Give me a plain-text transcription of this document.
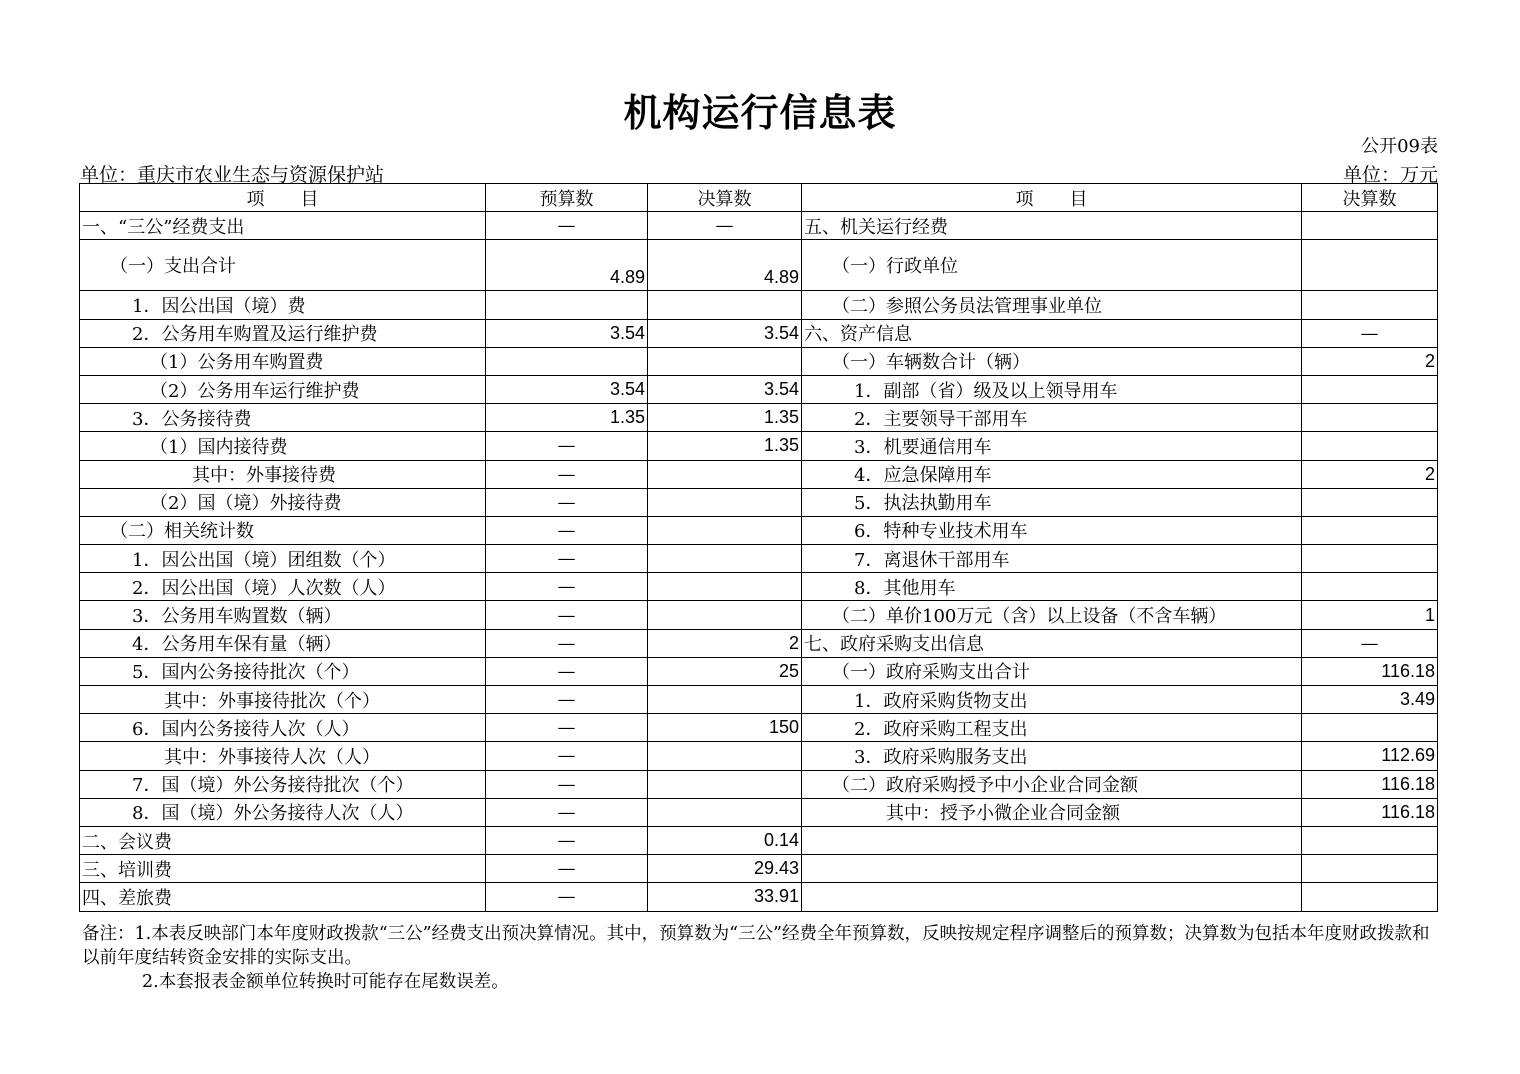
机构运行信息表
公开09表
单位：重庆市农业生态与资源保护站	单位：万元
项　　目	预算数	决算数	项　　目	决算数
一、“三公”经费支出	—	—	五、机关运行经费	
（一）支出合计	4.89	4.89	（一）行政单位	
1．因公出国（境）费			（二）参照公务员法管理事业单位	
2．公务用车购置及运行维护费	3.54	3.54	六、资产信息	—
（1）公务用车购置费			（一）车辆数合计（辆）	2
（2）公务用车运行维护费	3.54	3.54	1．副部（省）级及以上领导用车	
3．公务接待费	1.35	1.35	2．主要领导干部用车	
（1）国内接待费	—	1.35	3．机要通信用车	
其中：外事接待费	—		4．应急保障用车	2
（2）国（境）外接待费	—		5．执法执勤用车	
（二）相关统计数	—		6．特种专业技术用车	
1．因公出国（境）团组数（个）	—		7．离退休干部用车	
2．因公出国（境）人次数（人）	—		8．其他用车	
3．公务用车购置数（辆）	—		（二）单价100万元（含）以上设备（不含车辆）	1
4．公务用车保有量（辆）	—	2	七、政府采购支出信息	—
5．国内公务接待批次（个）	—	25	（一）政府采购支出合计	116.18
其中：外事接待批次（个）	—		1．政府采购货物支出	3.49
6．国内公务接待人次（人）	—	150	2．政府采购工程支出	
其中：外事接待人次（人）	—		3．政府采购服务支出	112.69
7．国（境）外公务接待批次（个）	—		（二）政府采购授予中小企业合同金额	116.18
8．国（境）外公务接待人次（人）	—		其中：授予小微企业合同金额	116.18
二、会议费	—	0.14		
三、培训费	—	29.43		
四、差旅费	—	33.91		
备注：1.本表反映部门本年度财政拨款“三公”经费支出预决算情况。其中，预算数为“三公”经费全年预算数，反映按规定程序调整后的预算数；决算数为包括本年度财政拨款和以前年度结转资金安排的实际支出。
2.本套报表金额单位转换时可能存在尾数误差。
